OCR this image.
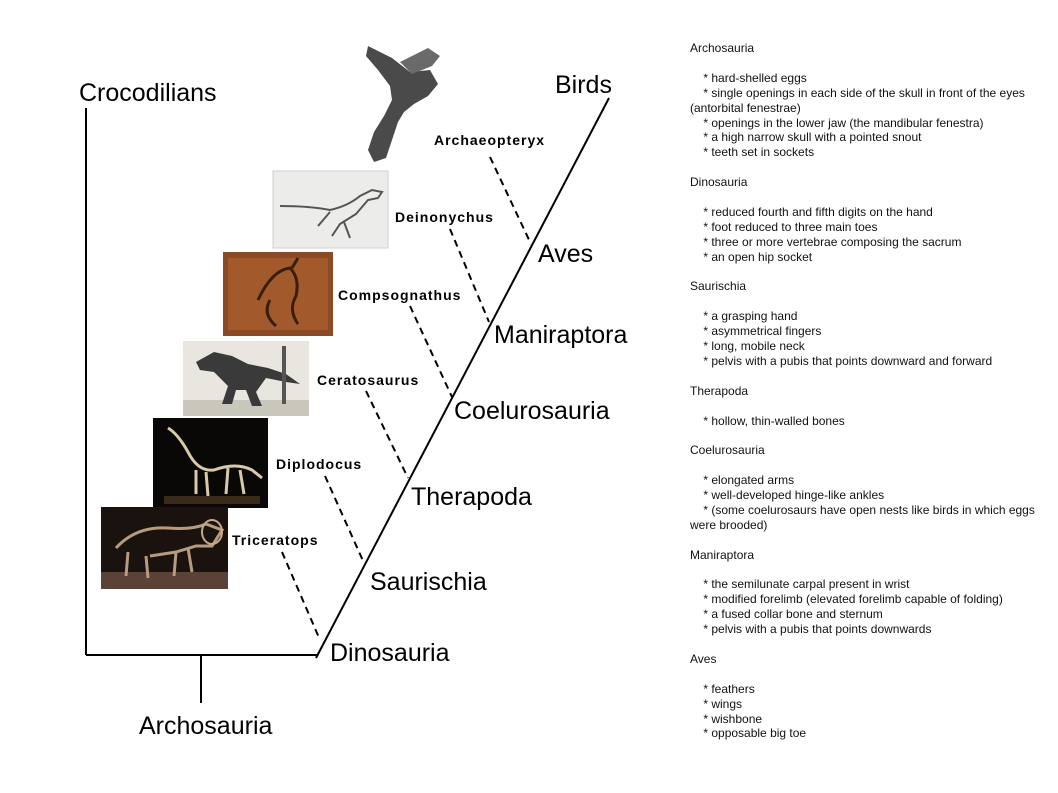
Archaeopteryx
Deinonychus
Compsognathus
Ceratosaurus
Diplodocus
Triceratops
Crocodilians	Birds
Aves
Maniraptora
Coelurosauria
Therapoda
Saurischia
Dinosauria
Archosauria
Archosauria
* hard-shelled eggs
* single openings in each side of the skull in front of the eyes (antorbital fenestrae)
* openings in the lower jaw (the mandibular fenestra)
* a high narrow skull with a pointed snout
* teeth set in sockets
Dinosauria
* reduced fourth and fifth digits on the hand
* foot reduced to three main toes
* three or more vertebrae composing the sacrum
* an open hip socket
Saurischia
* a grasping hand
* asymmetrical fingers
* long, mobile neck
* pelvis with a pubis that points downward and forward
Therapoda
* hollow, thin-walled bones
Coelurosauria
* elongated arms
* well-developed hinge-like ankles
* (some coelurosaurs have open nests like birds in which eggs were brooded)
Maniraptora
* the semilunate carpal present in wrist
* modified forelimb (elevated forelimb capable of folding)
* a fused collar bone and sternum
* pelvis with a pubis that points downwards
Aves
* feathers
* wings
* wishbone
* opposable big toe
